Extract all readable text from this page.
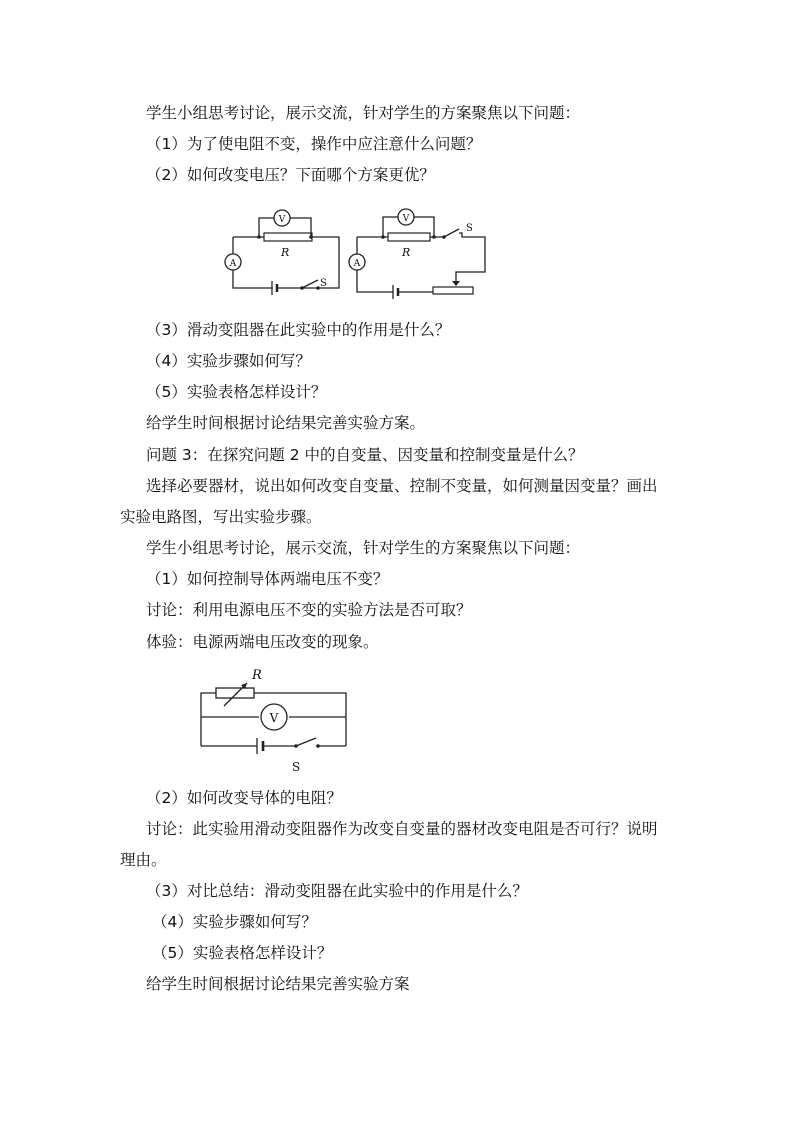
学生小组思考讨论，展示交流，针对学生的方案聚焦以下问题：
（1）为了使电阻不变，操作中应注意什么问题？
（2）如何改变电压？下面哪个方案更优？
A
S
R
V
A
S
R
V
（3）滑动变阻器在此实验中的作用是什么？
（4）实验步骤如何写？
（5）实验表格怎样设计？
给学生时间根据讨论结果完善实验方案。
问题 3：在探究问题 2 中的自变量、因变量和控制变量是什么？
选择必要器材，说出如何改变自变量、控制不变量，如何测量因变量？画出
实验电路图，写出实验步骤。
学生小组思考讨论，展示交流，针对学生的方案聚焦以下问题：
（1）如何控制导体两端电压不变？
讨论：利用电源电压不变的实验方法是否可取？
体验：电源两端电压改变的现象。
R
V
S
（2）如何改变导体的电阻？
讨论：此实验用滑动变阻器作为改变自变量的器材改变电阻是否可行？说明
理由。
（3）对比总结：滑动变阻器在此实验中的作用是什么？
（4）实验步骤如何写？
（5）实验表格怎样设计？
给学生时间根据讨论结果完善实验方案
